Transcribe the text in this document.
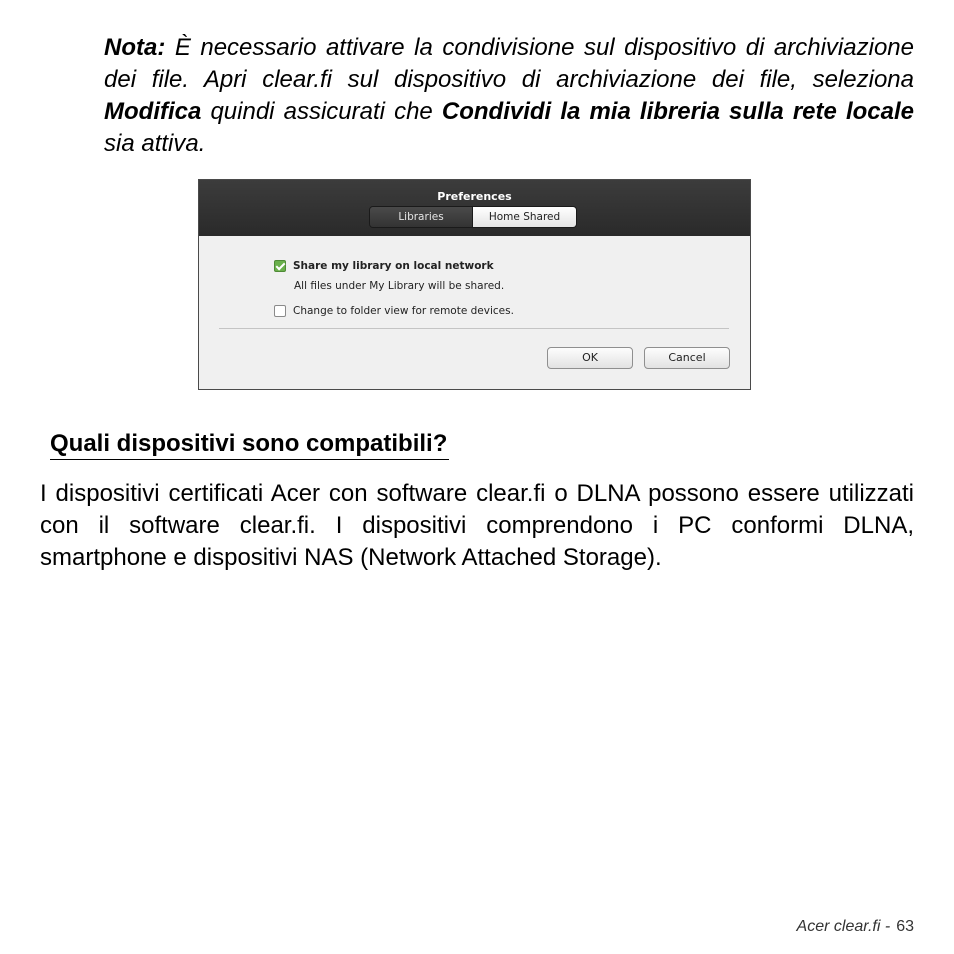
Nota: È necessario attivare la condivisione sul dispositivo di archiviazione dei file. Apri clear.fi sul dispositivo di archiviazione dei file, seleziona Modifica quindi assicurati che Condividi la mia libreria sulla rete locale sia attiva.
Preferences
Libraries	Home Shared
Share my library on local network
All files under My Library will be shared.
Change to folder view for remote devices.
OK	Cancel
Quali dispositivi sono compatibili?
I dispositivi certificati Acer con software clear.fi o DLNA possono essere utilizzati con il software clear.fi. I dispositivi comprendono i PC conformi DLNA, smartphone e dispositivi NAS (Network Attached Storage).
Acer clear.fi - 63
